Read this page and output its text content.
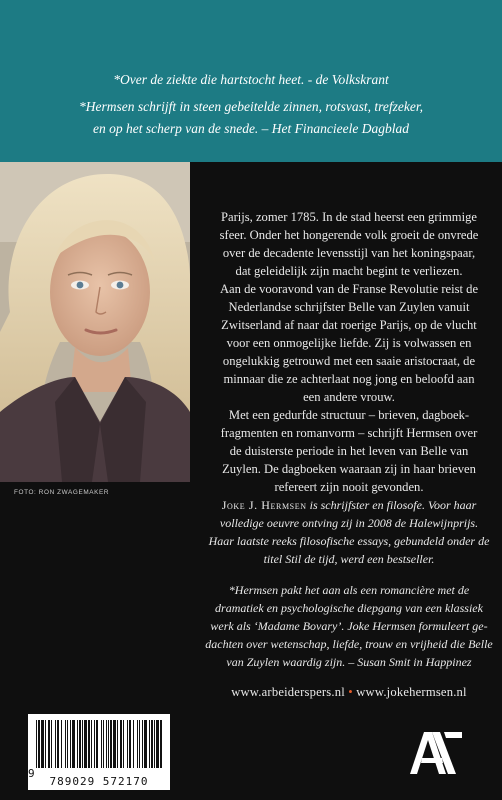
*Over de ziekte die hartstocht heet. - de Volkskrant
*Hermsen schrijft in steen gebeitelde zinnen, rotsvast, trefzeker,
en op het scherp van de snede. – Het Financieele Dagblad
FOTO: RON ZWAGEMAKER

Parijs, zomer 1785. In de stad heerst een grimmige

sfeer. Onder het hongerende volk groeit de onvrede

over de decadente levensstijl van het koningspaar,

dat geleidelijk zijn macht begint te verliezen.

Aan de vooravond van de Franse Revolutie reist de

Nederlandse schrijfster Belle van Zuylen vanuit

Zwitserland af naar dat roerige Parijs, op de vlucht

voor een onmogelijke liefde. Zij is volwassen en

ongelukkig getrouwd met een saaie aristocraat, de

minnaar die ze achterlaat nog jong en beloofd aan

een andere vrouw.

Met een gedurfde structuur – brieven, dagboek-

fragmenten en romanvorm – schrijft Hermsen over

de duisterste periode in het leven van Belle van

Zuylen. De dagboeken waaraan zij in haar brieven

refereert zijn nooit gevonden.

Joke J. Hermsen is schrijfster en filosofe. Voor haar
volledige oeuvre ontving zij in 2008 de Halewijnprijs.
Haar laatste reeks filosofische essays, gebundeld onder de
titel Stil de tijd, werd een bestseller.
*Hermsen pakt het aan als een romancière met de
dramatiek en psychologische diepgang van een klassiek
werk als ‘Madame Bovary’. Joke Hermsen formuleert ge-
dachten over wetenschap, liefde, trouw en vrijheid die Belle
van Zuylen waardig zijn. – Susan Smit in Happinez
www.arbeiderspers.nl • www.jokehermsen.nl
9
789029 572170
